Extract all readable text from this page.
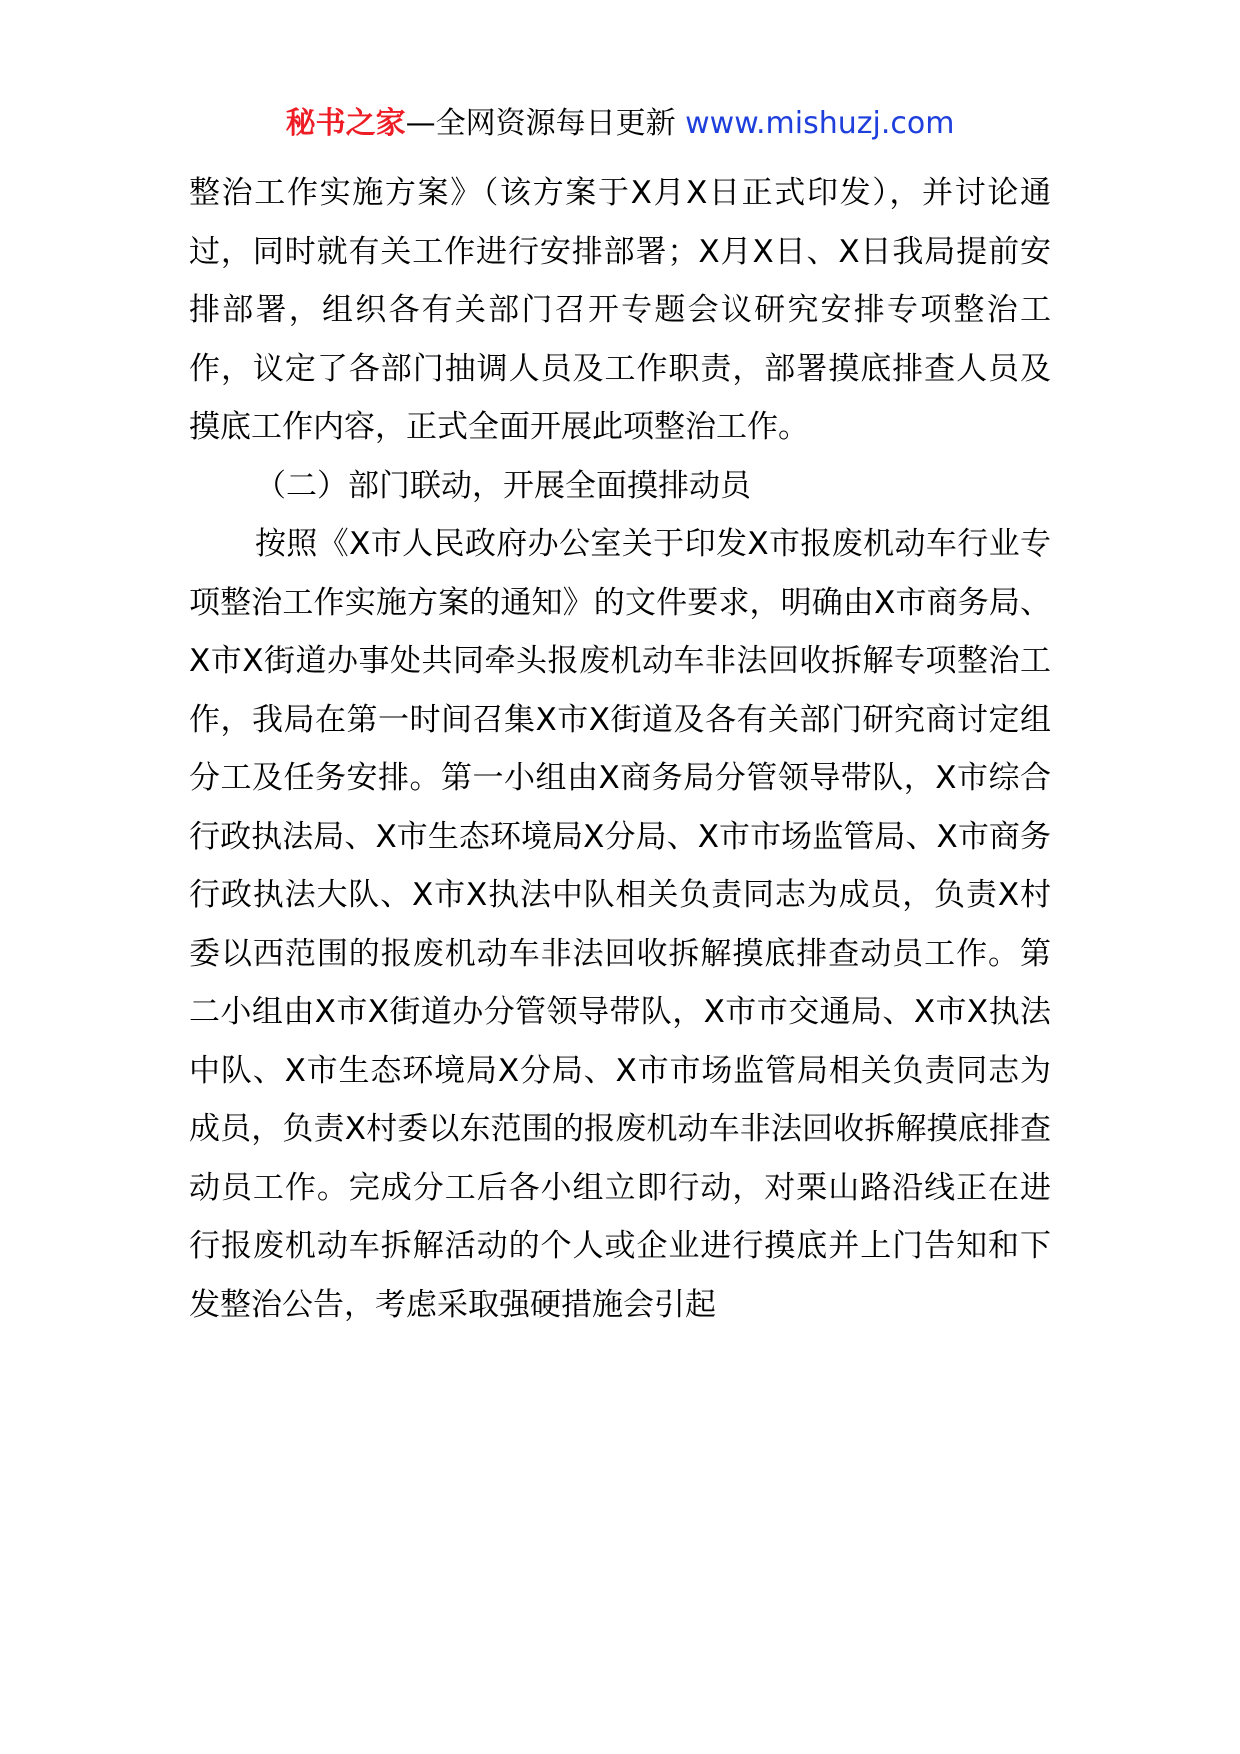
秘书之家—全网资源每日更新 www.mishuzj.com

整治工作实施方案》（该方案于X月X日正式印发），并讨论通过，同时就有关工作进行安排部署；X月X日、X日我局提前安排部署，组织各有关部门召开专题会议研究安排专项整治工作，议定了各部门抽调人员及工作职责，部署摸底排查人员及摸底工作内容，正式全面开展此项整治工作。

（二）部门联动，开展全面摸排动员

按照《X市人民政府办公室关于印发X市报废机动车行业专项整治工作实施方案的通知》的文件要求，明确由X市商务局、X市X街道办事处共同牵头报废机动车非法回收拆解专项整治工作，我局在第一时间召集X市X街道及各有关部门研究商讨定组分工及任务安排。第一小组由X商务局分管领导带队，X市综合行政执法局、X市生态环境局X分局、X市市场监管局、X市商务行政执法大队、X市X执法中队相关负责同志为成员，负责X村委以西范围的报废机动车非法回收拆解摸底排查动员工作。第二小组由X市X街道办分管领导带队，X市市交通局、X市X执法中队、X市生态环境局X分局、X市市场监管局相关负责同志为成员，负责X村委以东范围的报废机动车非法回收拆解摸底排查动员工作。完成分工后各小组立即行动，对栗山路沿线正在进行报废机动车拆解活动的个人或企业进行摸底并上门告知和下发整治公告，考虑采取强硬措施会引起
